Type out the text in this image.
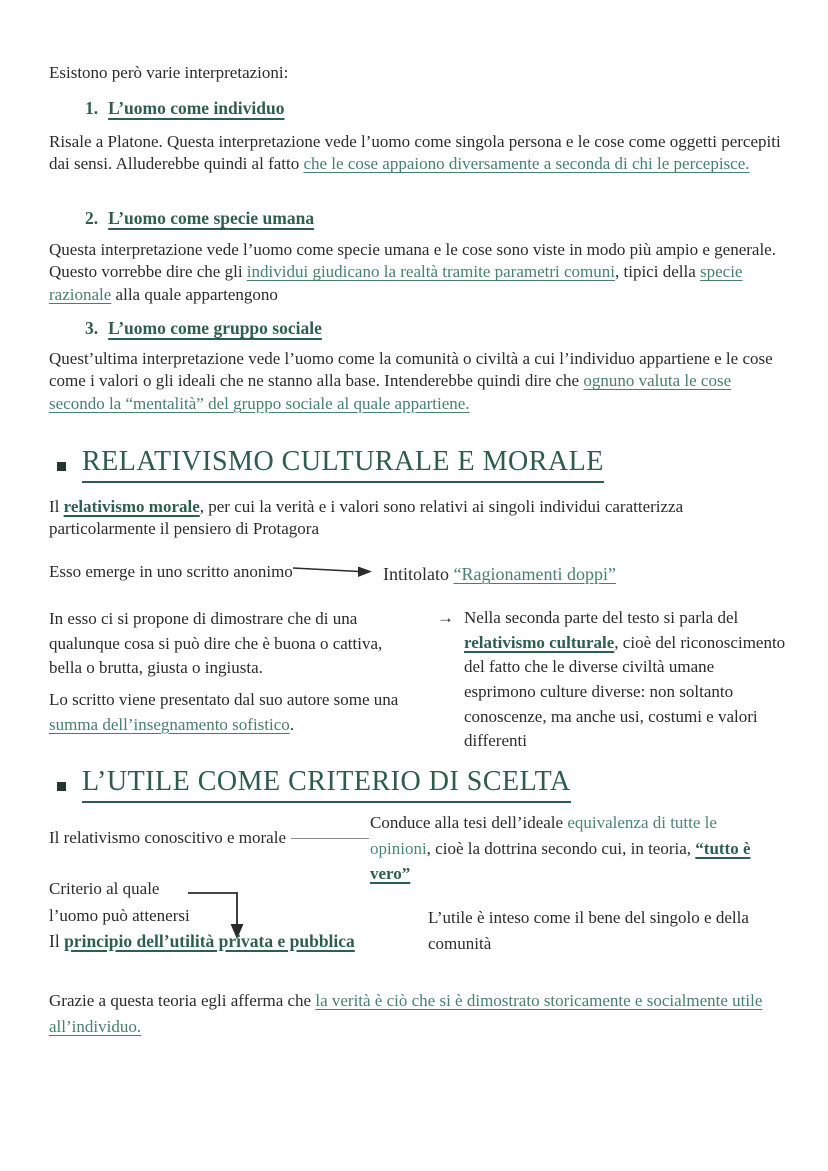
Esistono però varie interpretazioni:
1. L’uomo come individuo
Risale a Platone. Questa interpretazione vede l’uomo come singola persona e le cose come oggetti percepiti dai sensi. Alluderebbe quindi al fatto che le cose appaiono diversamente a seconda di chi le percepisce.
2. L’uomo come specie umana
Questa interpretazione vede l’uomo come specie umana e le cose sono viste in modo più ampio e generale. Questo vorrebbe dire che gli individui giudicano la realtà tramite parametri comuni, tipici della specie razionale alla quale appartengono
3. L’uomo come gruppo sociale
Quest’ultima interpretazione vede l’uomo come la comunità o civiltà a cui l’individuo appartiene e le cose come i valori o gli ideali che ne stanno alla base. Intenderebbe quindi dire che ognuno valuta le cose secondo la “mentalità” del gruppo sociale al quale appartiene.
RELATIVISMO CULTURALE E MORALE
Il relativismo morale, per cui la verità e i valori sono relativi ai singoli individui caratterizza particolarmente il pensiero di Protagora
Esso emerge in uno scritto anonimo	Intitolato “Ragionamenti doppi”
In esso ci si propone di dimostrare che di una qualunque cosa si può dire che è buona o cattiva, bella o brutta, giusta o ingiusta.
Lo scritto viene presentato dal suo autore some una summa dell’insegnamento sofistico.
→ Nella seconda parte del testo si parla del relativismo culturale, cioè del riconoscimento del fatto che le diverse civiltà umane esprimono culture diverse: non soltanto conoscenze, ma anche usi, costumi e valori differenti
L’UTILE COME CRITERIO DI SCELTA
Conduce alla tesi dell’ideale equivalenza di tutte le opinioni, cioè la dottrina secondo cui, in teoria, “tutto è vero”
Il relativismo conoscitivo e morale
Criterio al quale
l’uomo può attenersi
Il principio dell’utilità privata e pubblica
L’utile è inteso come il bene del singolo e della comunità
Grazie a questa teoria egli afferma che la verità è ciò che si è dimostrato storicamente e socialmente utile all’individuo.
